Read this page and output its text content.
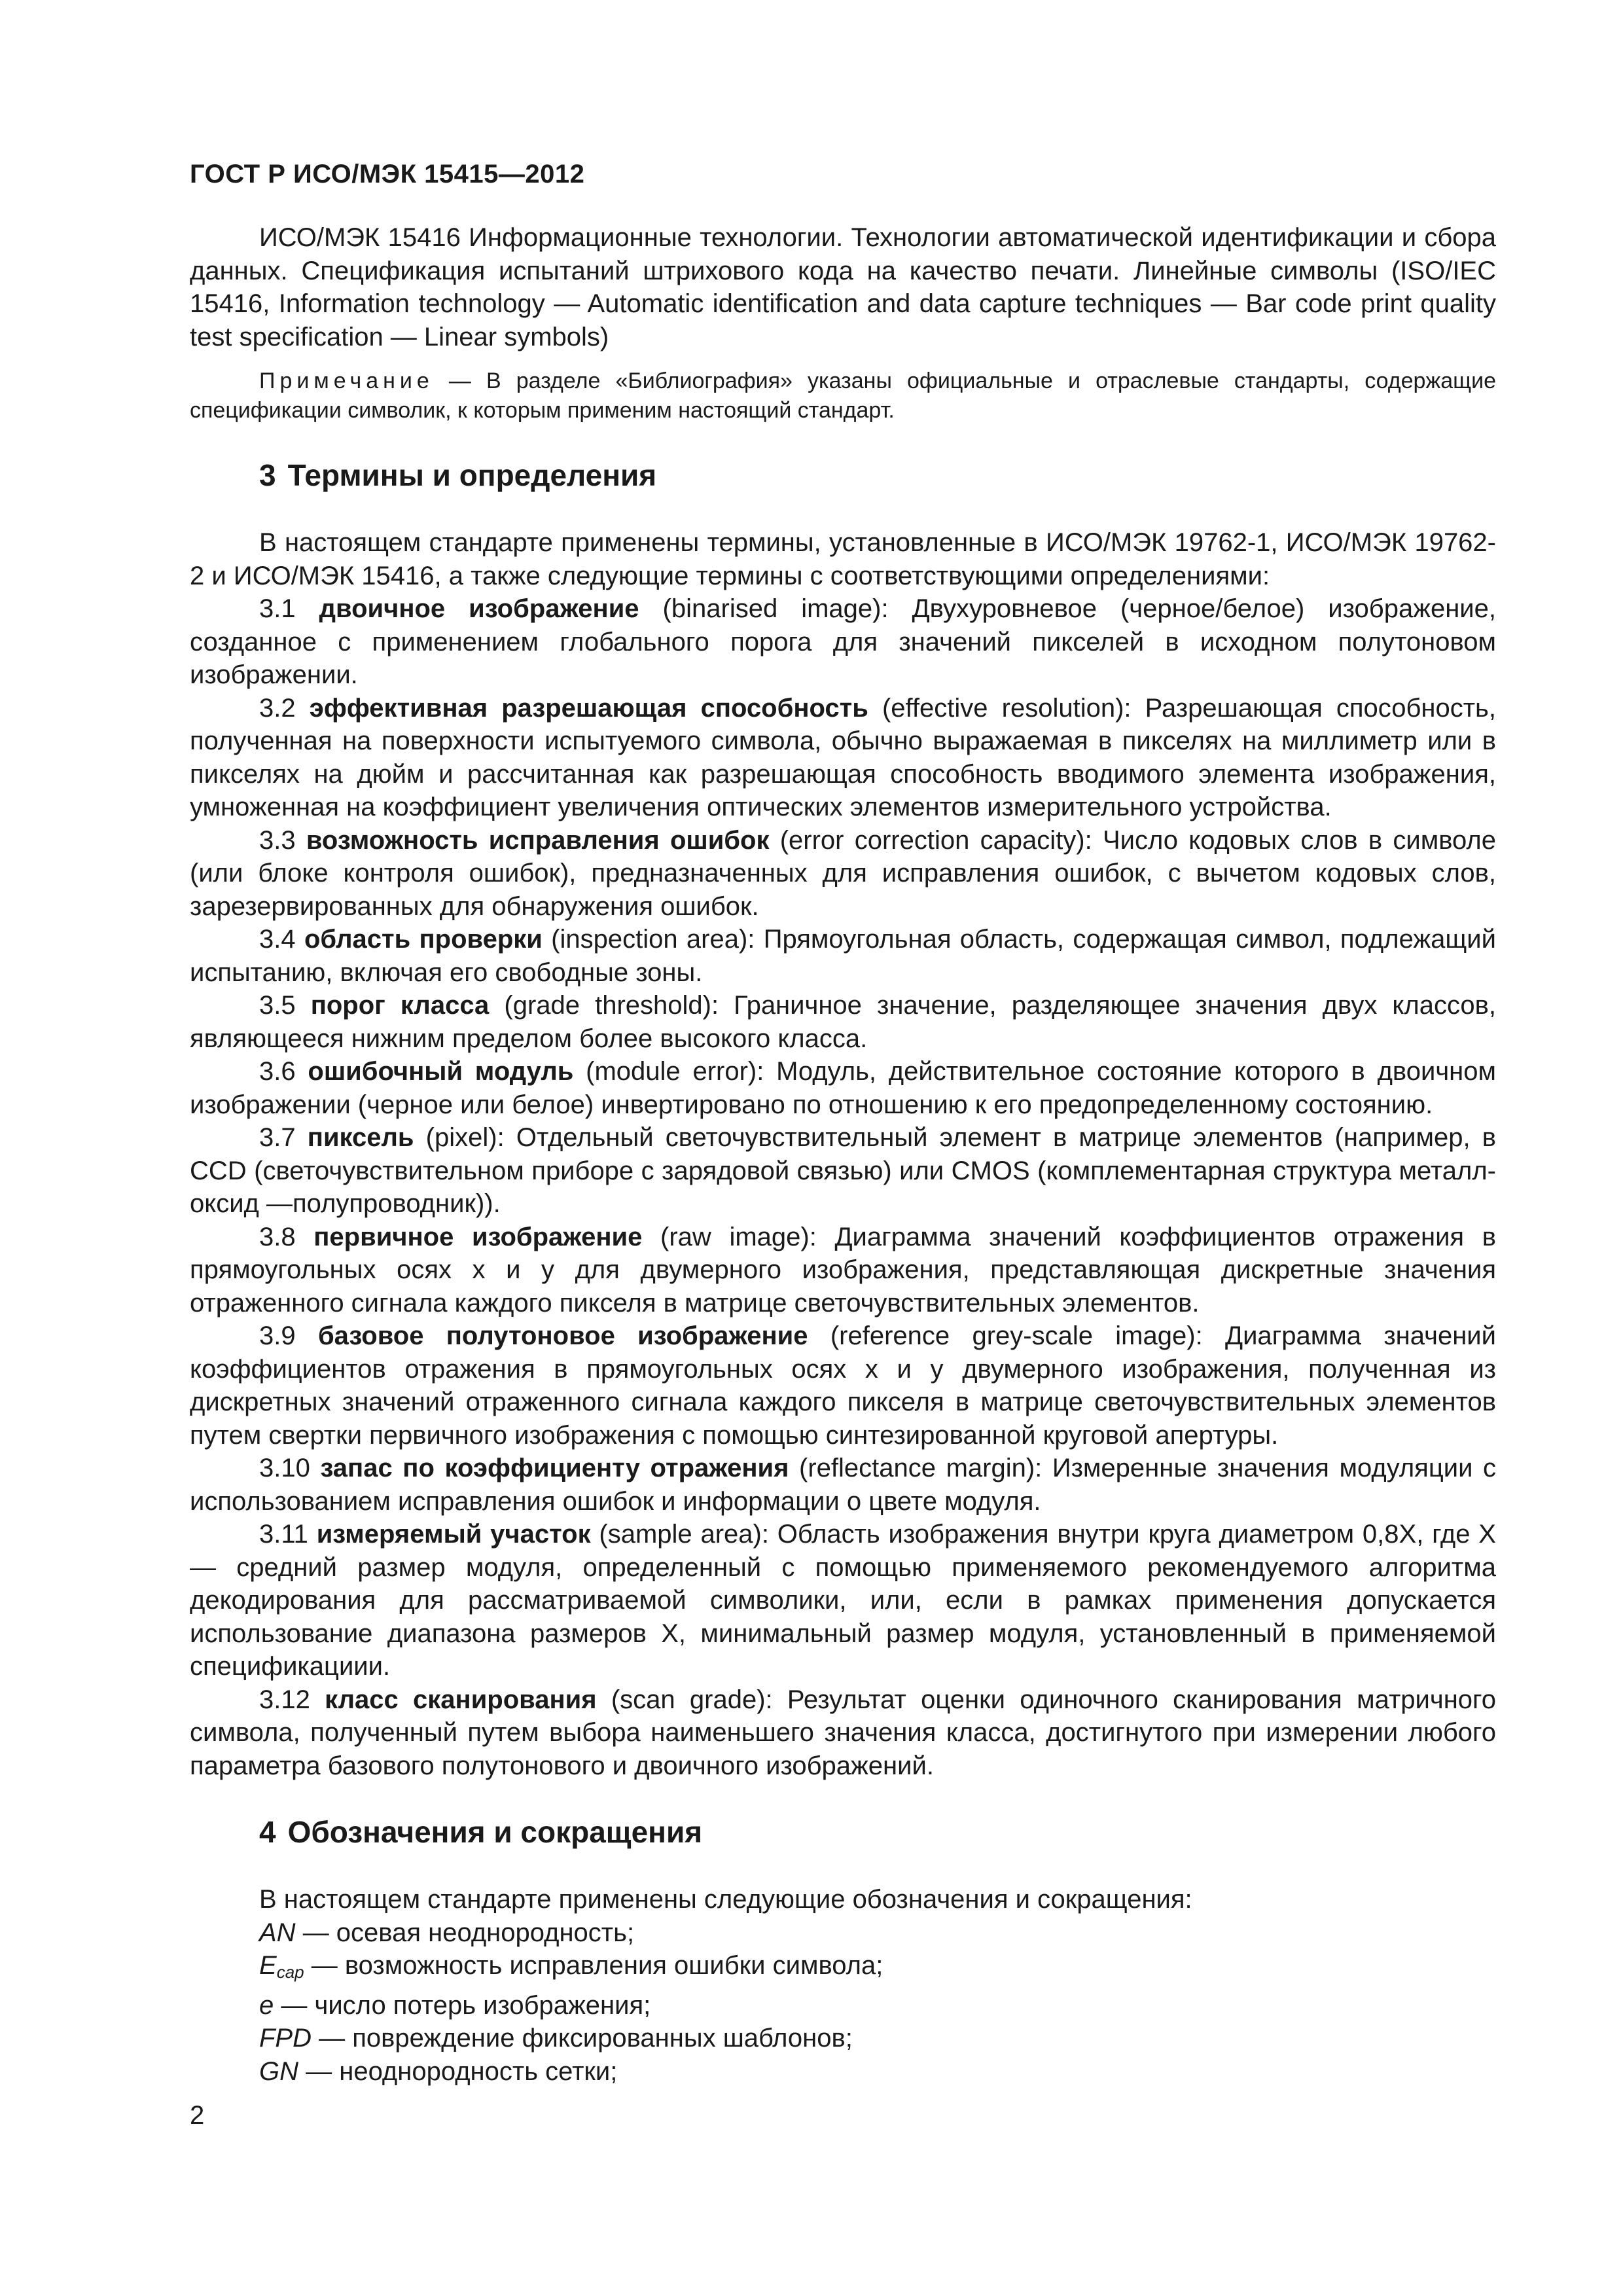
ГОСТ Р ИСО/МЭК 15415—2012

ИСО/МЭК 15416 Информационные технологии. Технологии автоматической идентификации и сбора данных. Спецификация испытаний штрихового кода на качество печати. Линейные символы (ISO/IEC 15416, Information technology — Automatic identification and data capture techniques — Bar code print quality test specification — Linear symbols)

Примечание — В разделе «Библиография» указаны официальные и отраслевые стандарты, содержащие спецификации символик, к которым применим настоящий стандарт.

3 Термины и определения

В настоящем стандарте применены термины, установленные в ИСО/МЭК 19762-1, ИСО/МЭК 19762-2 и ИСО/МЭК 15416, а также следующие термины с соответствующими определениями:

3.1 двоичное изображение (binarised image): Двухуровневое (черное/белое) изображение, созданное с применением глобального порога для значений пикселей в исходном полутоновом изображении.

3.2 эффективная разрешающая способность (effective resolution): Разрешающая способность, полученная на поверхности испытуемого символа, обычно выражаемая в пикселях на миллиметр или в пикселях на дюйм и рассчитанная как разрешающая способность вводимого элемента изображения, умноженная на коэффициент увеличения оптических элементов измерительного устройства.

3.3 возможность исправления ошибок (error correction capacity): Число кодовых слов в символе (или блоке контроля ошибок), предназначенных для исправления ошибок, с вычетом кодовых слов, зарезервированных для обнаружения ошибок.

3.4 область проверки (inspection area): Прямоугольная область, содержащая символ, подлежащий испытанию, включая его свободные зоны.

3.5 порог класса (grade threshold): Граничное значение, разделяющее значения двух классов, являющееся нижним пределом более высокого класса.

3.6 ошибочный модуль (module error): Модуль, действительное состояние которого в двоичном изображении (черное или белое) инвертировано по отношению к его предопределенному состоянию.

3.7 пиксель (pixel): Отдельный светочувствительный элемент в матрице элементов (например, в CCD (светочувствительном приборе с зарядовой связью) или CMOS (комплементарная структура металл-оксид —полупроводник)).

3.8 первичное изображение (raw image): Диаграмма значений коэффициентов отражения в прямоугольных осях x и y для двумерного изображения, представляющая дискретные значения отраженного сигнала каждого пикселя в матрице светочувствительных элементов.

3.9 базовое полутоновое изображение (reference grey-scale image): Диаграмма значений коэффициентов отражения в прямоугольных осях x и y двумерного изображения, полученная из дискретных значений отраженного сигнала каждого пикселя в матрице светочувствительных элементов путем свертки первичного изображения с помощью синтезированной круговой апертуры.

3.10 запас по коэффициенту отражения (reflectance margin): Измеренные значения модуляции с использованием исправления ошибок и информации о цвете модуля.

3.11 измеряемый участок (sample area): Область изображения внутри круга диаметром 0,8X, где X — средний размер модуля, определенный с помощью применяемого рекомендуемого алгоритма декодирования для рассматриваемой символики, или, если в рамках применения допускается использование диапазона размеров X, минимальный размер модуля, установленный в применяемой спецификациии.

3.12 класс сканирования (scan grade): Результат оценки одиночного сканирования матричного символа, полученный путем выбора наименьшего значения класса, достигнутого при измерении любого параметра базового полутонового и двоичного изображений.

4 Обозначения и сокращения

В настоящем стандарте применены следующие обозначения и сокращения:

AN — осевая неоднородность;

$E_{cap}$ — возможность исправления ошибки символа;

e — число потерь изображения;

FPD — повреждение фиксированных шаблонов;

GN — неоднородность сетки;

2
